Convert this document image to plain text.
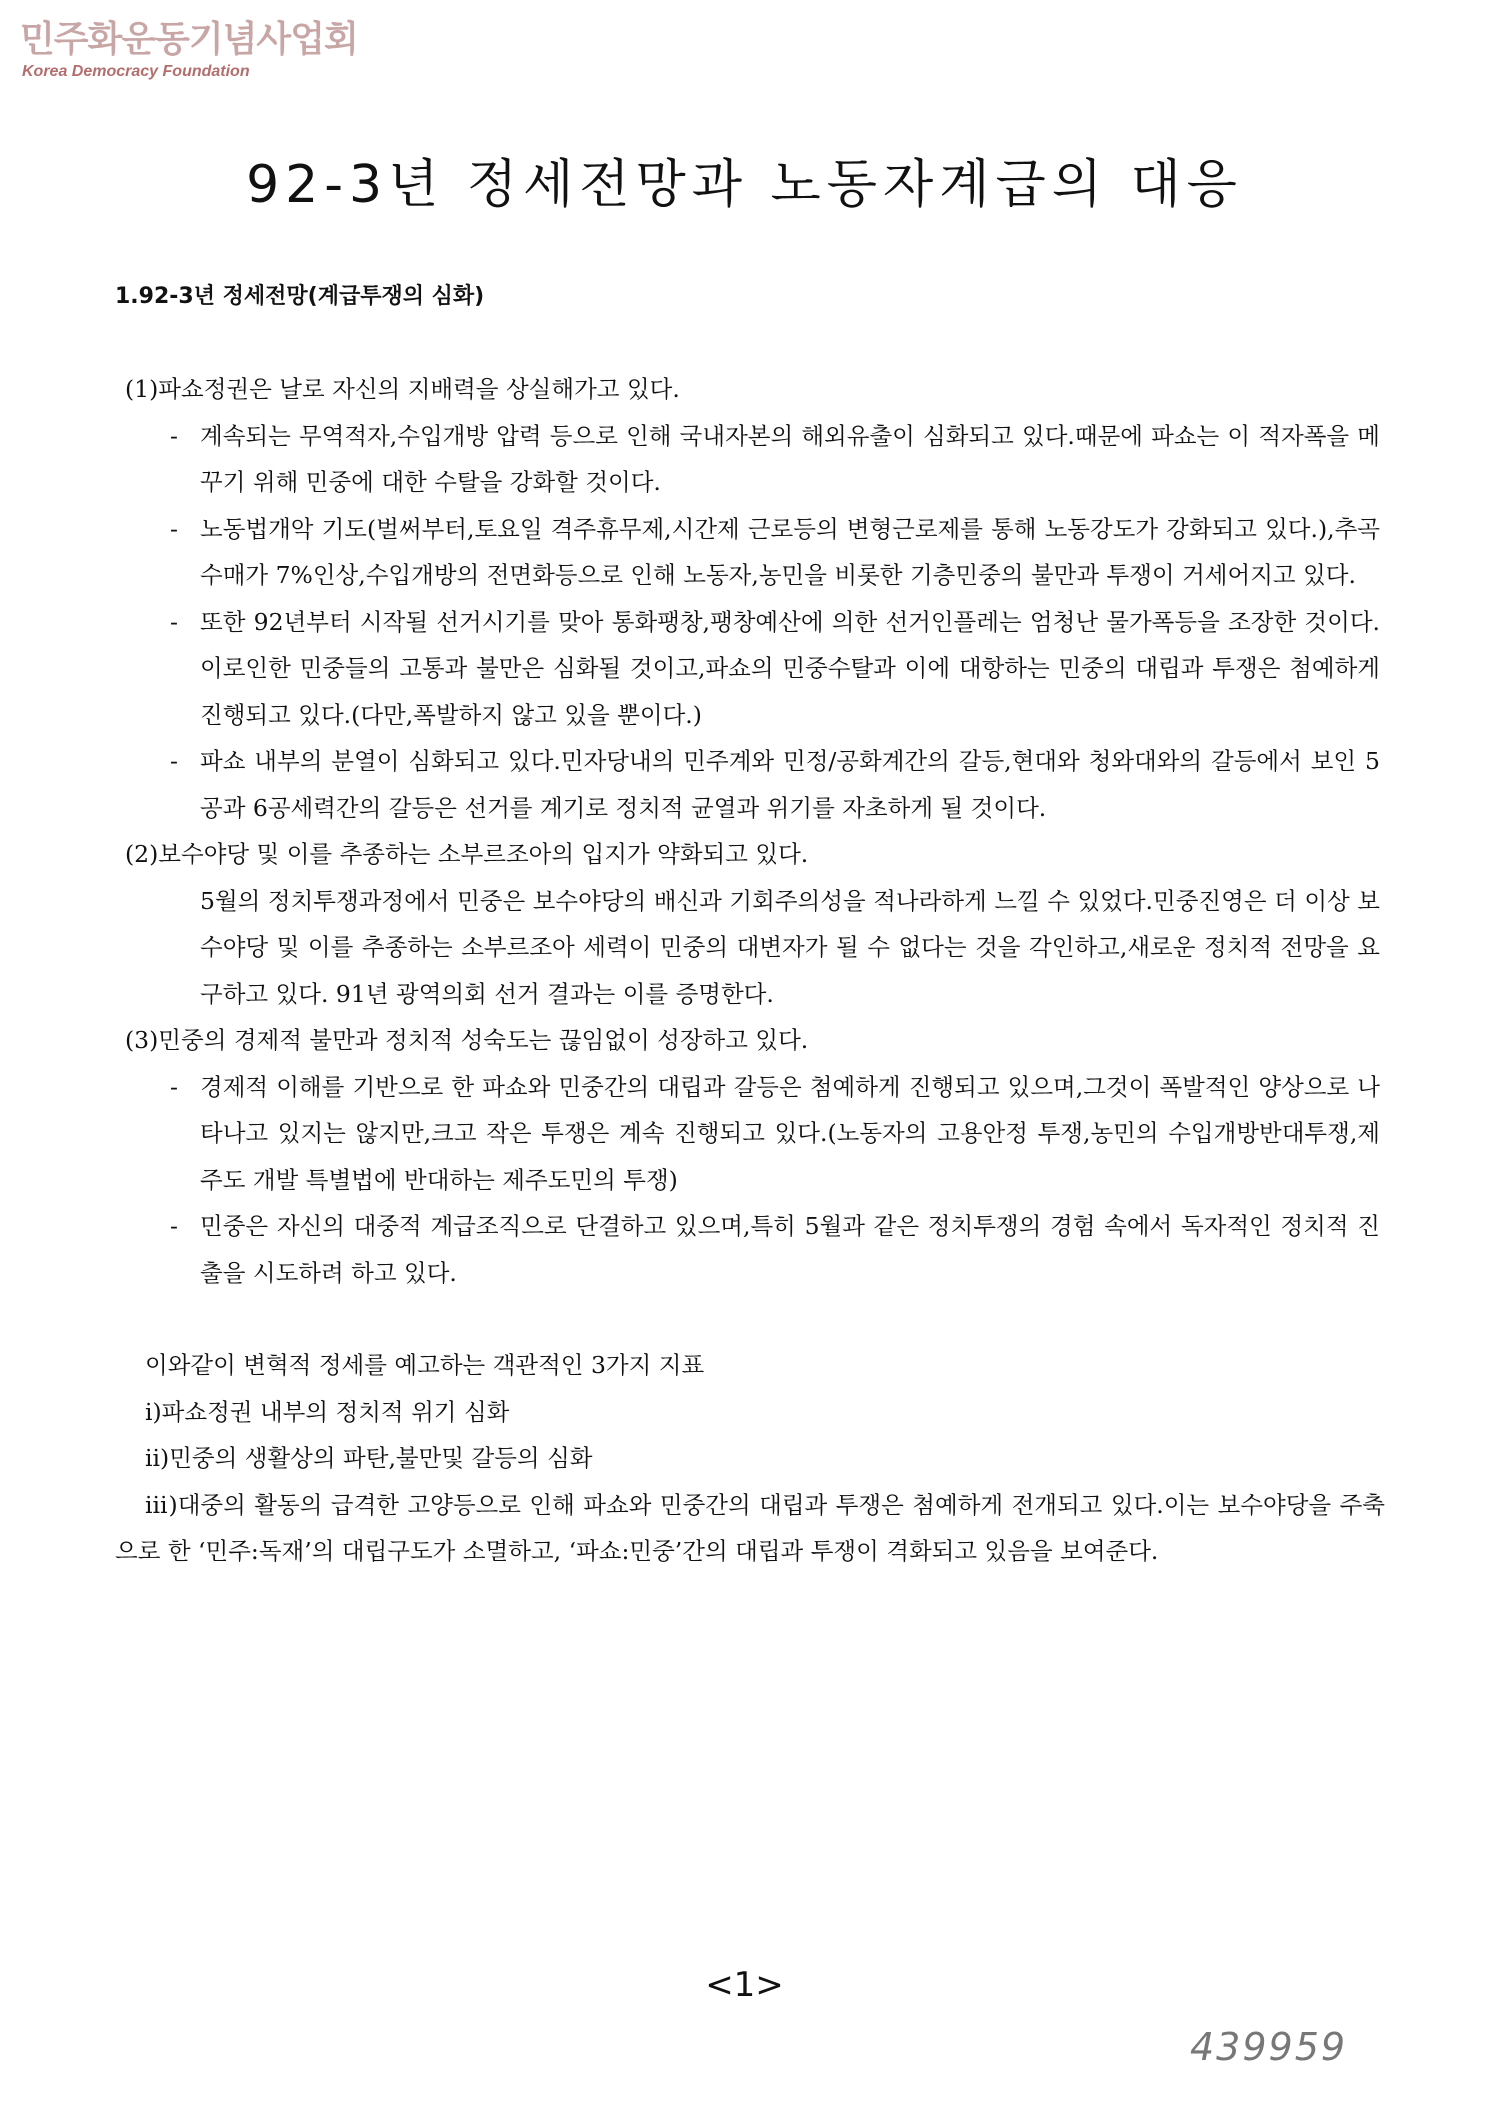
민주화운동기념사업회
Korea Democracy Foundation
92-3년 정세전망과 노동자계급의 대응
1.92-3년 정세전망(계급투쟁의 심화)

(1)파쇼정권은 날로 자신의 지배력을 상실해가고 있다.

- 계속되는 무역적자,수입개방 압력 등으로 인해 국내자본의 해외유출이 심화되고 있다.때문에 파쇼는 이 적자폭을 메꾸기 위해 민중에 대한 수탈을 강화할 것이다.

- 노동법개악 기도(벌써부터,토요일 격주휴무제,시간제 근로등의 변형근로제를 통해 노동강도가 강화되고 있다.),추곡수매가 7%인상,수입개방의 전면화등으로 인해 노동자,농민을 비롯한 기층민중의 불만과 투쟁이 거세어지고 있다.

- 또한 92년부터 시작될 선거시기를 맞아 통화팽창,팽창예산에 의한 선거인플레는 엄청난 물가폭등을 조장한 것이다.이로인한 민중들의 고통과 불만은 심화될 것이고,파쇼의 민중수탈과 이에 대항하는 민중의 대립과 투쟁은 첨예하게 진행되고 있다.(다만,폭발하지 않고 있을 뿐이다.)

- 파쇼 내부의 분열이 심화되고 있다.민자당내의 민주계와 민정/공화계간의 갈등,현대와 청와대와의 갈등에서 보인 5공과 6공세력간의 갈등은 선거를 계기로 정치적 균열과 위기를 자초하게 될 것이다.

(2)보수야당 및 이를 추종하는 소부르조아의 입지가 약화되고 있다.

5월의 정치투쟁과정에서 민중은 보수야당의 배신과 기회주의성을 적나라하게 느낄 수 있었다.민중진영은 더 이상 보수야당 및 이를 추종하는 소부르조아 세력이 민중의 대변자가 될 수 없다는 것을 각인하고,새로운 정치적 전망을 요구하고 있다. 91년 광역의회 선거 결과는 이를 증명한다.

(3)민중의 경제적 불만과 정치적 성숙도는 끊임없이 성장하고 있다.

- 경제적 이해를 기반으로 한 파쇼와 민중간의 대립과 갈등은 첨예하게 진행되고 있으며,그것이 폭발적인 양상으로 나타나고 있지는 않지만,크고 작은 투쟁은 계속 진행되고 있다.(노동자의 고용안정 투쟁,농민의 수입개방반대투쟁,제주도 개발 특별법에 반대하는 제주도민의 투쟁)

- 민중은 자신의 대중적 계급조직으로 단결하고 있으며,특히 5월과 같은 정치투쟁의 경험 속에서 독자적인 정치적 진출을 시도하려 하고 있다.

이와같이 변혁적 정세를 예고하는 객관적인 3가지 지표

ⅰ)파쇼정권 내부의 정치적 위기 심화

ⅱ)민중의 생활상의 파탄,불만및 갈등의 심화

ⅲ)대중의 활동의 급격한 고양등으로 인해 파쇼와 민중간의 대립과 투쟁은 첨예하게 전개되고 있다.이는 보수야당을 주축으로 한 ‘민주:독재’의 대립구도가 소멸하고, ‘파쇼:민중’간의 대립과 투쟁이 격화되고 있음을 보여준다.

<1>
439959
